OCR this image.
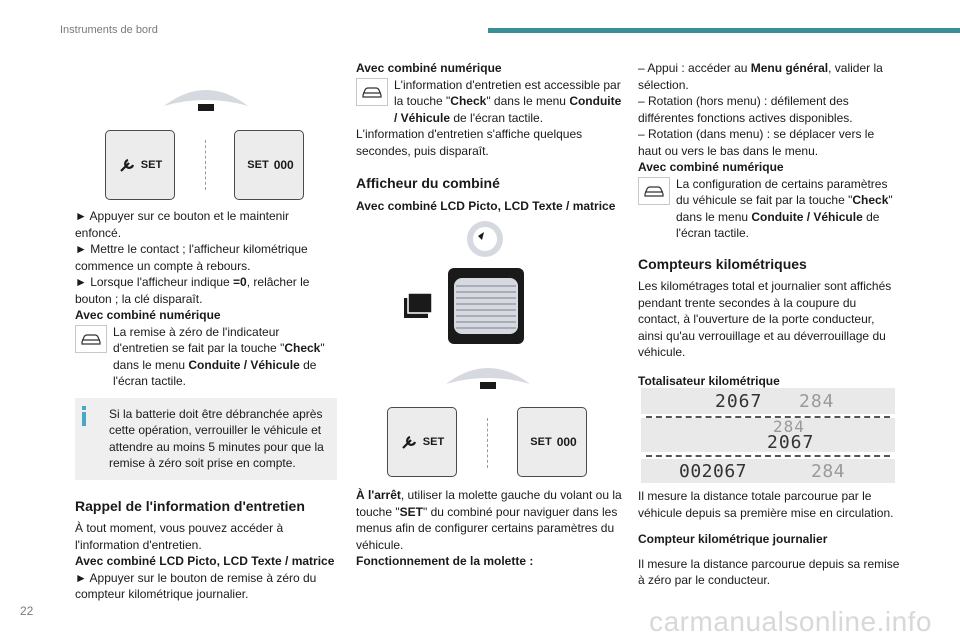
Instruments de bord
SET	SET 000

► Appuyer sur ce bouton et le maintenir enfoncé.

► Mettre le contact ; l'afficheur kilométrique commence un compte à rebours.

► Lorsque l'afficheur indique =0, relâcher le bouton ; la clé disparaît.

Avec combiné numérique

La remise à zéro de l'indicateur d'entretien se fait par la touche "Check" dans le menu Conduite / Véhicule de l'écran tactile.

Si la batterie doit être débranchée après cette opération, verrouiller le véhicule et attendre au moins 5 minutes pour que la remise à zéro soit prise en compte.

Rappel de l'information d'entretien

À tout moment, vous pouvez accéder à l'information d'entretien.

Avec combiné LCD Picto, LCD Texte / matrice

► Appuyer sur le bouton de remise à zéro du compteur kilométrique journalier.

Avec combiné numérique

L'information d'entretien est accessible par la touche "Check" dans le menu Conduite / Véhicule de l'écran tactile.

L'information d'entretien s'affiche quelques secondes, puis disparaît.

Afficheur du combiné

Avec combiné LCD Picto, LCD Texte / matrice

SET	SET 000

À l'arrêt, utiliser la molette gauche du volant ou la touche "SET" du combiné pour naviguer dans les menus afin de configurer certains paramètres du véhicule.

Fonctionnement de la molette :

– Appui : accéder au Menu général, valider la sélection.

– Rotation (hors menu) : défilement des différentes fonctions actives disponibles.

– Rotation (dans menu) : se déplacer vers le haut ou vers le bas dans le menu.

Avec combiné numérique

La configuration de certains paramètres du véhicule se fait par la touche "Check" dans le menu Conduite / Véhicule de l'écran tactile.

Compteurs kilométriques

Les kilométrages total et journalier sont affichés pendant trente secondes à la coupure du contact, à l'ouverture de la porte conducteur, ainsi qu'au verrouillage et au déverrouillage du véhicule.

Totalisateur kilométrique

2067 284
284
2067
002067	284

Il mesure la distance totale parcourue par le véhicule depuis sa première mise en circulation.

Compteur kilométrique journalier

Il mesure la distance parcourue depuis sa remise à zéro par le conducteur.

22	carmanualsonline.info
